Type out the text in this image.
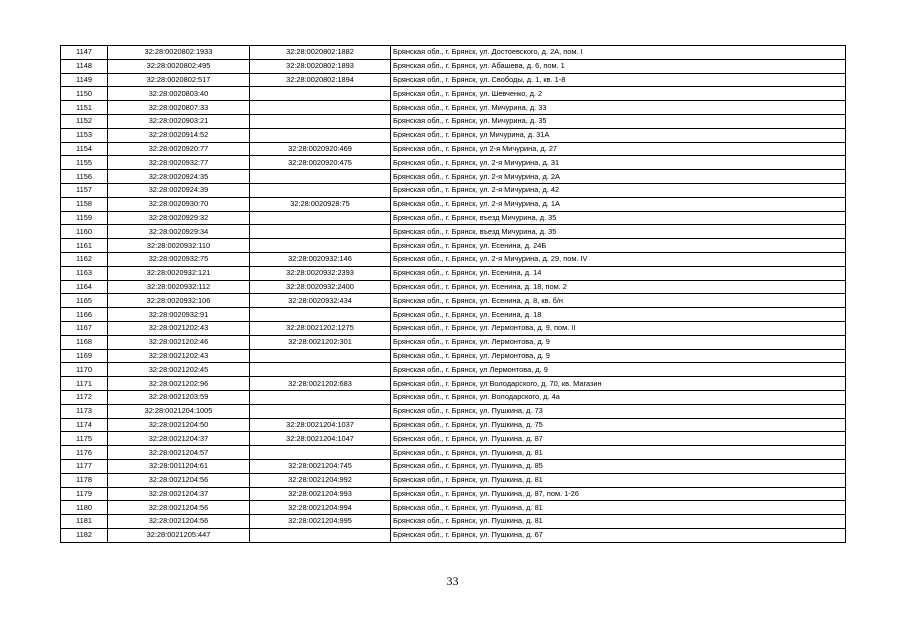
1147	32:28:0020802:1933	32:28:0020802:1882	Брянская обл., г. Брянск, ул. Достоевского, д. 2А, пом. I
1148	32:28:0020802:495	32:28:0020802:1893	Брянская обл., г. Брянск, ул. Абашева, д. 6, пом. 1
1149	32:28:0020802:517	32:28:0020802:1894	Брянская обл., г. Брянск, ул. Свободы, д. 1, кв. 1-8
1150	32:28:0020803:40		Брянская обл., г. Брянск, ул. Шевченко, д. 2
1151	32:28:0020807:33		Брянская обл., г. Брянск, ул. Мичурина, д. 33
1152	32:28:0020903:21		Брянская обл., г. Брянск, ул. Мичурина, д. 35
1153	32:28:0020914:52		Брянская обл., г. Брянск, ул Мичурина, д. 31А
1154	32:28:0020920:77	32:28:0020920:469	Брянская обл., г. Брянск, ул 2-я Мичурина, д. 27
1155	32:28:0020932:77	32:28:0020920:475	Брянская обл., г. Брянск, ул. 2-я Мичурина, д. 31
1156	32:28:0020924:35		Брянская обл., г. Брянск, ул. 2-я Мичурина, д. 2А
1157	32:28:0020924:39		Брянская обл., г. Брянск, ул. 2-я Мичурина, д. 42
1158	32:28:0020930:70	32:28:0020928:75	Брянская обл., г. Брянск, ул. 2-я Мичурина, д. 1А
1159	32:28:0020929:32		Брянская обл., г. Брянск, въезд Мичурина, д. 35
1160	32:28:0020929:34		Брянская обл., г. Брянск, въезд Мичурина, д. 35
1161	32:28:0020932:110		Брянская обл., г. Брянск, ул. Есенина, д. 24Б
1162	32:28:0020932:75	32:28:0020932:146	Брянская обл., г. Брянск, ул. 2-я Мичурина, д. 29, пом. IV
1163	32:28:0020932:121	32:28:0020932:2393	Брянская обл., г. Брянск, ул. Есенина, д. 14
1164	32:28:0020932:112	32:28:0020932:2400	Брянская обл., г. Брянск, ул. Есенина, д. 18, пом. 2
1165	32:28:0020932:106	32:28:0020932:434	Брянская обл., г. Брянск, ул. Есенина, д. 8, кв. б/н
1166	32:28:0020932:91		Брянская обл., г. Брянск, ул. Есенина, д. 18
1167	32:28:0021202:43	32:28:0021202:1275	Брянская обл., г. Брянск, ул. Лермонтова, д. 9, пом. II
1168	32:28:0021202:46	32:28:0021202:301	Брянская обл., г. Брянск, ул. Лермонтова, д. 9
1169	32:28:0021202:43		Брянская обл., г. Брянск, ул. Лермонтова, д. 9
1170	32:28:0021202:45		Брянская обл., г. Брянск, ул Лермонтова, д. 9
1171	32:28:0021202:96	32:28:0021202:683	Брянская обл., г. Брянск, ул Володарского, д. 70, кв. Магазин
1172	32:28:0021203:59		Брянская обл., г. Брянск, ул. Володарского, д. 4а
1173	32:28:0021204:1005		Брянская обл., г. Брянск, ул. Пушкина, д. 73
1174	32:28:0021204:50	32:28:0021204:1037	Брянская обл., г. Брянск, ул. Пушкина, д. 75
1175	32:28:0021204:37	32:28:0021204:1047	Брянская обл., г. Брянск, ул. Пушкина, д. 87
1176	32:28:0021204:57		Брянская обл., г. Брянск, ул. Пушкина, д. 81
1177	32:28:0011204:61	32:28:0021204:745	Брянская обл., г. Брянск, ул. Пушкина, д. 85
1178	32:28:0021204:56	32:28:0021204:992	Брянская обл., г. Брянск, ул. Пушкина, д. 81
1179	32:28:0021204:37	32:28:0021204:993	Брянская обл., г. Брянск, ул. Пушкина, д. 87, пом. 1-26
1180	32:28:0021204:56	32:28:0021204:994	Брянская обл., г. Брянск, ул. Пушкина, д. 81
1181	32:28:0021204:56	32:28:0021204:995	Брянская обл., г. Брянск, ул. Пушкина, д. 81
1182	32:28:0021205:447		Брянская обл., г. Брянск, ул. Пушкина, д. 67
33
